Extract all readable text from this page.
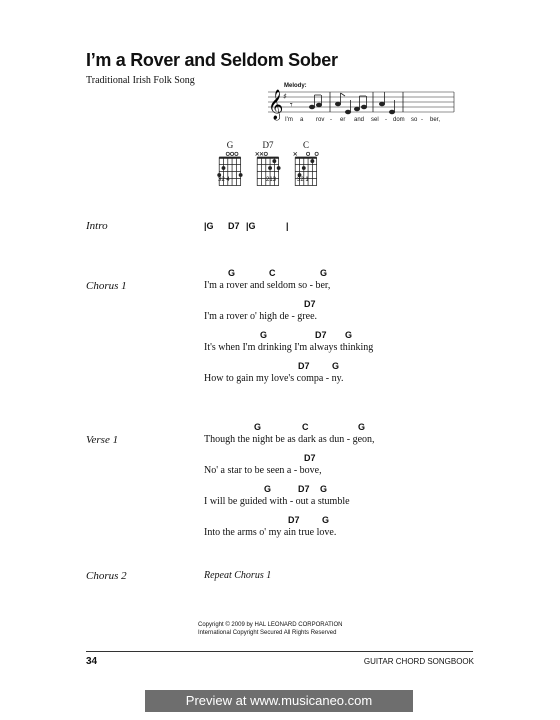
I’m a Rover and Seldom Sober
Traditional Irish Folk Song	Melody:
𝄞 ♯
𝄾
I'm a rov - er and sel - dom so - ber,
G
32 4
D7
213
C
32 1
Intro	|G D7 |G	|
Chorus 1
G	C	G
I'm a rover and seldom so - ber,
D7
I'm a rover o' high de - gree.
G	D7 G
It's when I'm drinking I'm always thinking
D7 G
How to gain my love's compa - ny.
Verse 1
G	C	G
Though the night be as dark as dun - geon,
D7
No' a star to be seen a - bove,
G	D7 G
I will be guided with - out a stumble
D7 G
Into the arms o' my ain true love.
Chorus 2	Repeat Chorus 1
Copyright © 2009 by HAL LEONARD CORPORATION
International Copyright Secured All Rights Reserved
34	GUITAR CHORD SONGBOOK
Preview at www.musicaneo.com
